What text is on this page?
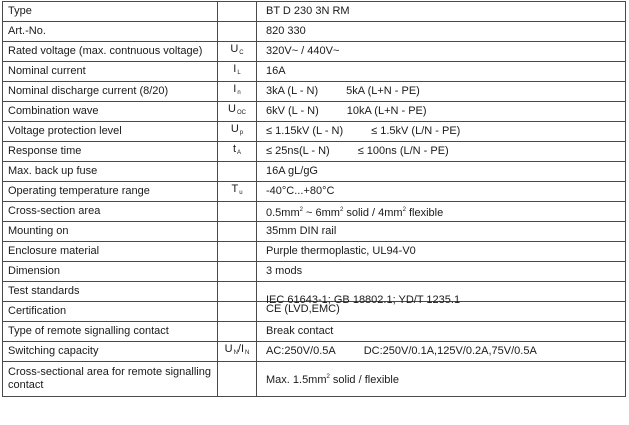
Type		BT D 230 3N RM
Art.-No.		820 330
Rated voltage (max. contnuous voltage)	UC	320V~ / 440V~
Nominal current	IL	16A
Nominal discharge current (8/20)	In	3kA (L - N) 5kA (L+N - PE)
Combination wave	UOC	6kV (L - N) 10kA (L+N - PE)
Voltage protection level	Up	≤ 1.15kV (L - N) ≤ 1.5kV (L/N - PE)
Response time	tA	≤ 25ns(L - N) ≤ 100ns (L/N - PE)
Max. back up fuse		16A gL/gG
Operating temperature range	Tu	-40°C...+80°C
Cross-section area		$0.5mm^2$ ~ $6mm^2$ solid / $4mm^2$ flexible
Mounting on		35mm DIN rail
Enclosure material		Purple thermoplastic, UL94-V0
Dimension		3 mods
Test standards		IEC 61643-1; GB 18802.1; YD/T 1235.1

Certification		CE (LVD,EMC)

Type of remote signalling contact		Break contact
Switching capacity	UN/IN	AC:250V/0.5A DC:250V/0.1A,125V/0.2A,75V/0.5A
Cross-sectional area for remote signalling contact		Max. $1.5mm^2$ solid / flexible
